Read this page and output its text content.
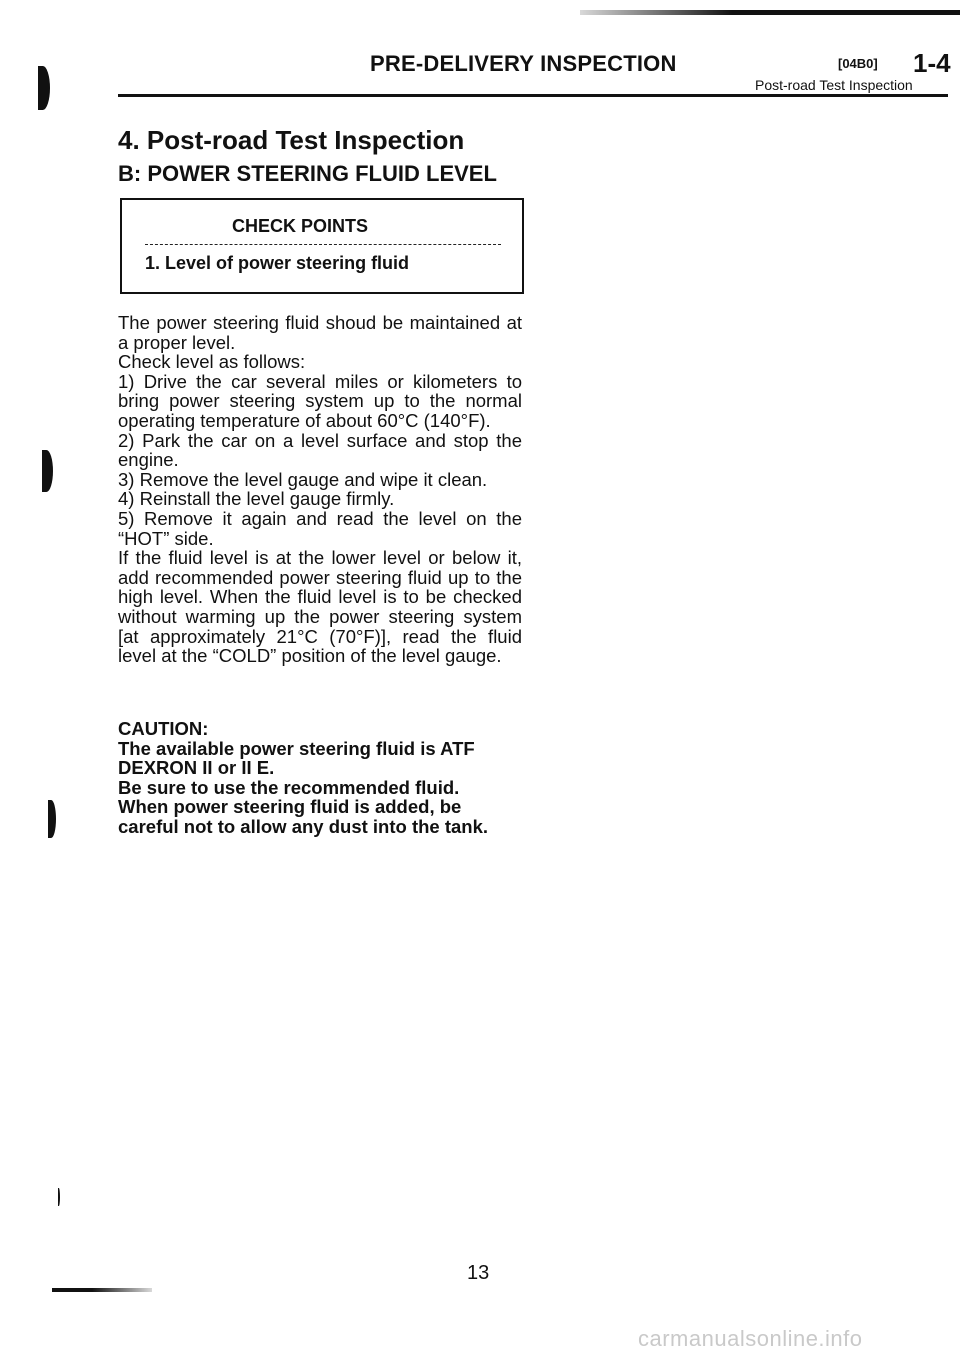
PRE-DELIVERY INSPECTION	[04B0] 1-4
Post-road Test Inspection
4. Post-road Test Inspection
B: POWER STEERING FLUID LEVEL
CHECK POINTS
1. Level of power steering fluid

The power steering fluid shoud be maintained at a proper level.

Check level as follows:

1) Drive the car several miles or kilometers to bring power steering system up to the normal operating temperature of about 60°C (140°F).

2) Park the car on a level surface and stop the engine.

3) Remove the level gauge and wipe it clean.

4) Reinstall the level gauge firmly.

5) Remove it again and read the level on the “HOT” side.

If the fluid level is at the lower level or below it, add recommended power steering fluid up to the high level. When the fluid level is to be checked without warming up the power steering system [at approximately 21°C (70°F)], read the fluid level at the “COLD” position of the level gauge.

CAUTION:

The available power steering fluid is ATF DEXRON II or II E.

Be sure to use the recommended fluid.

When power steering fluid is added, be careful not to allow any dust into the tank.

13
carmanualsonline.info
